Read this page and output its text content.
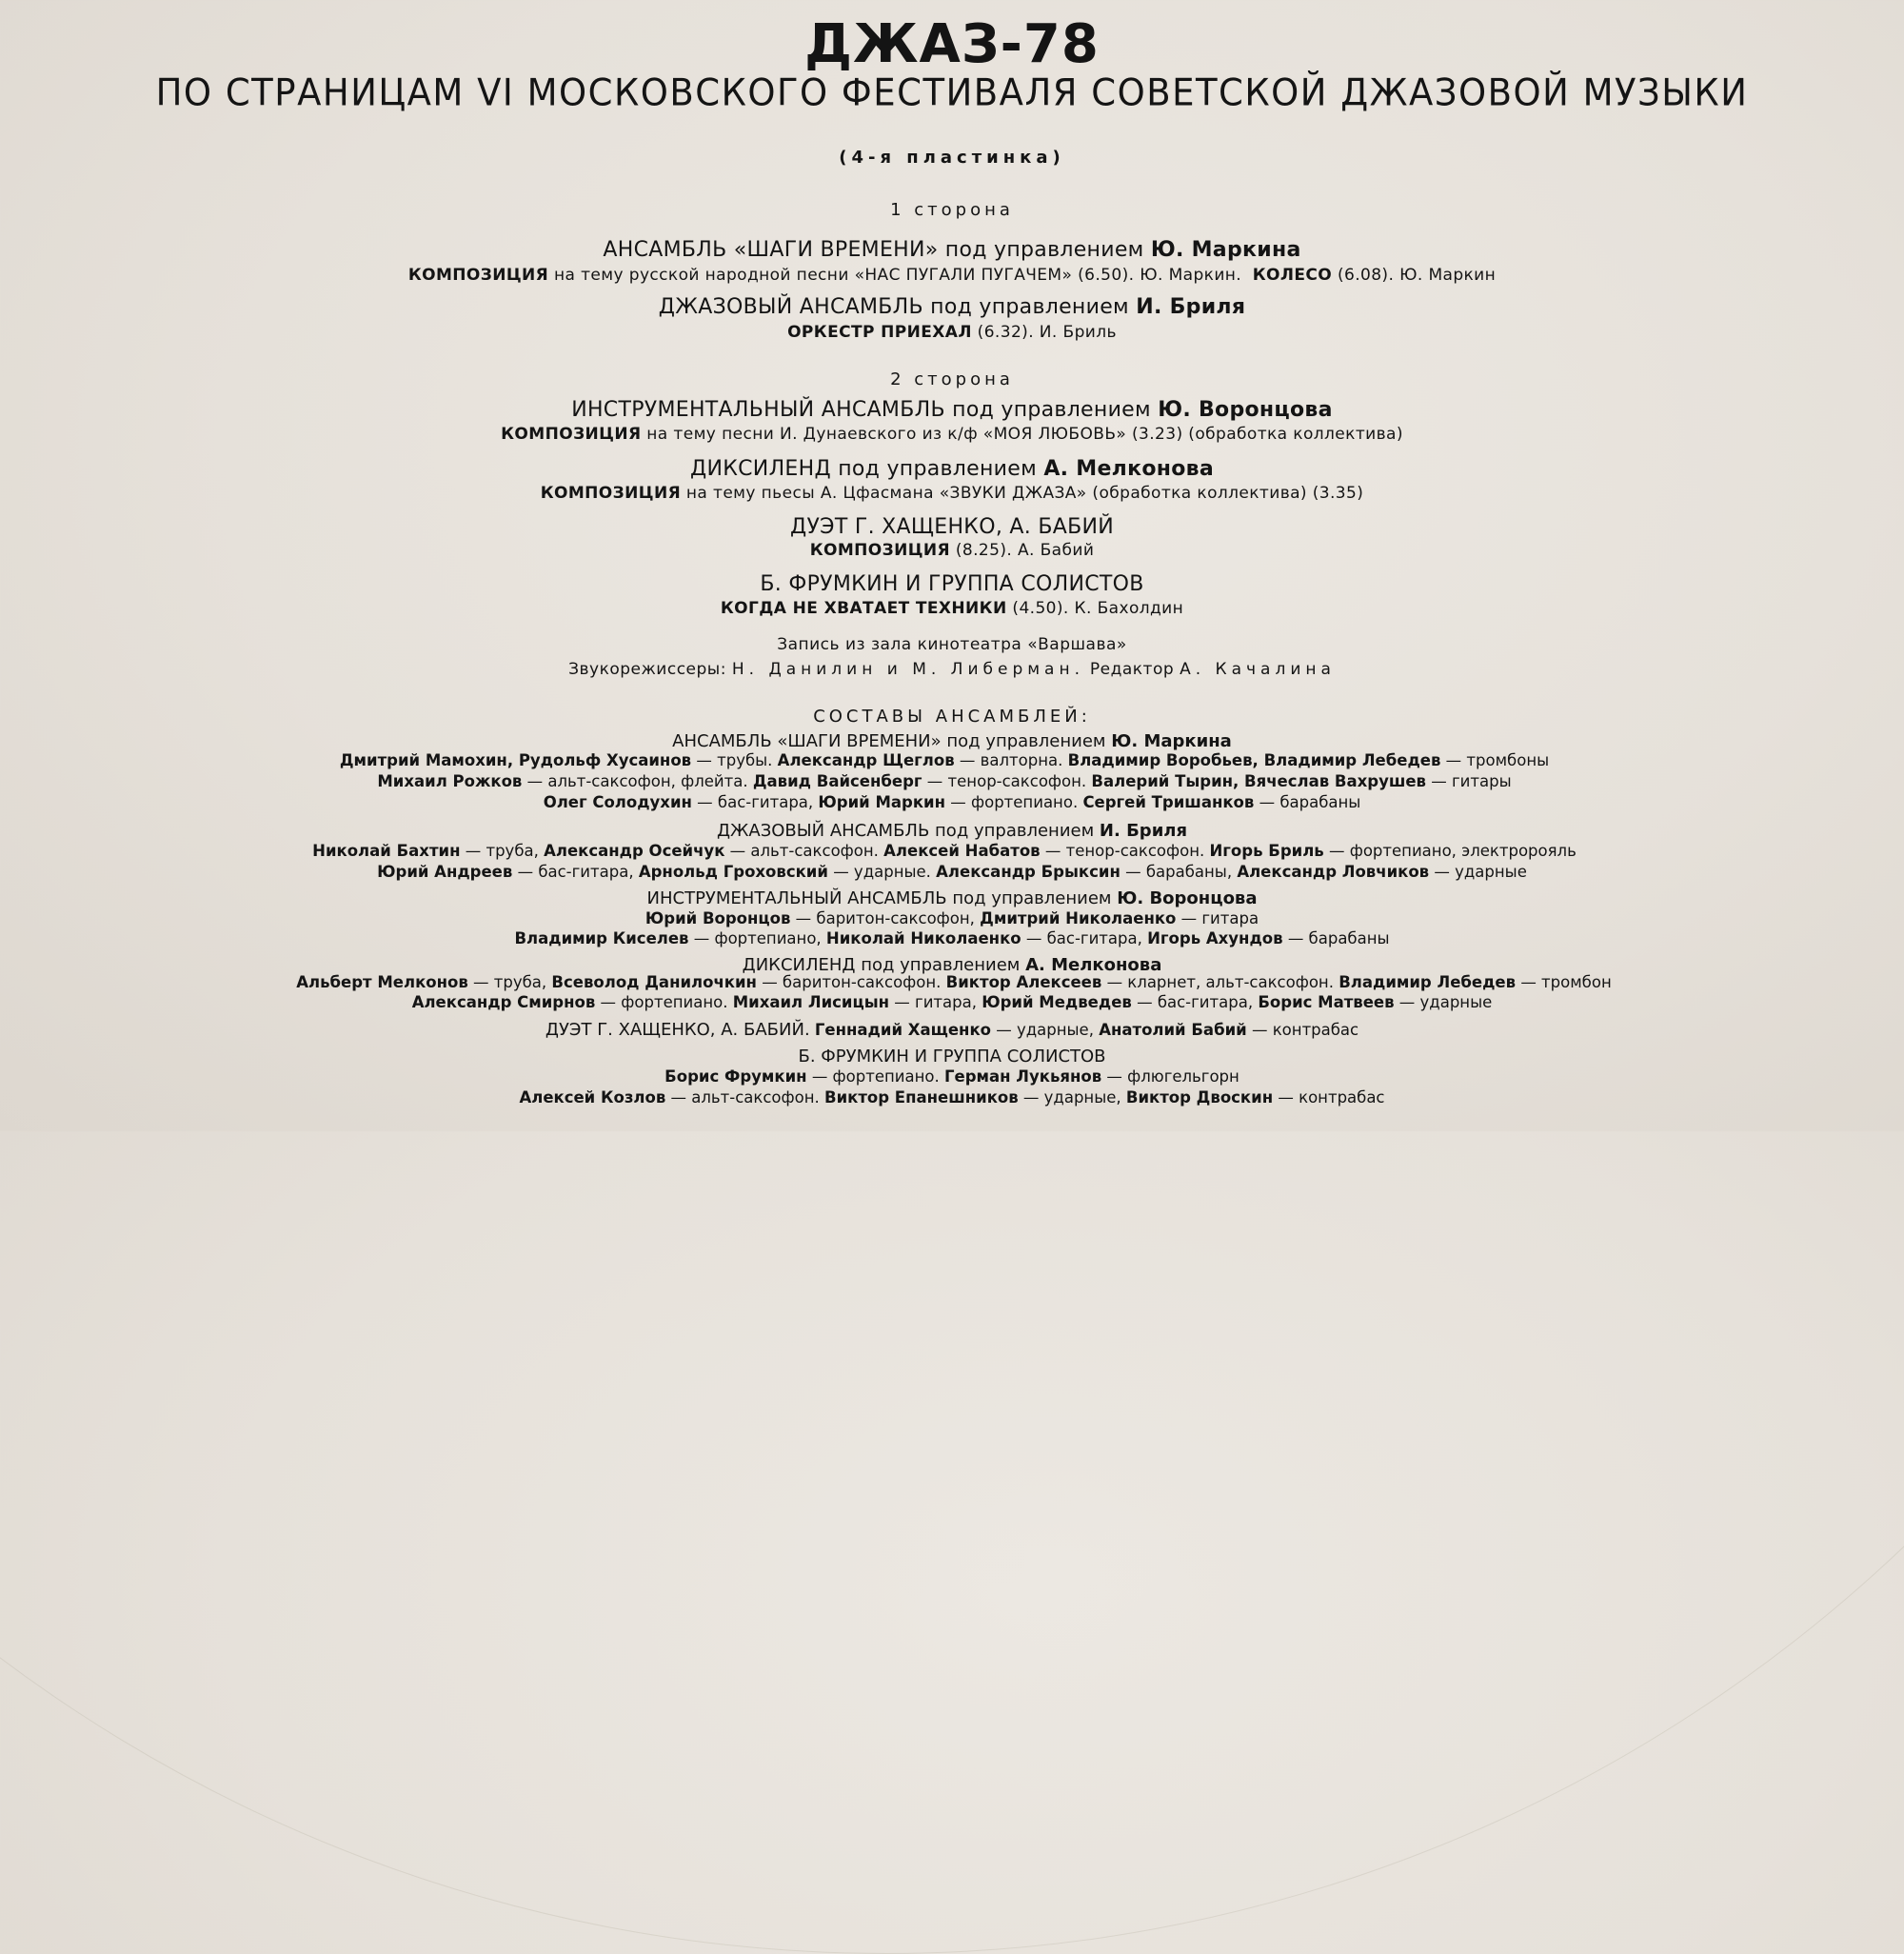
ДЖАЗ-78
ПО СТРАНИЦАМ VI МОСКОВСКОГО ФЕСТИВАЛЯ СОВЕТСКОЙ ДЖАЗОВОЙ МУЗЫКИ
(4-я пластинка)
1 сторона
АНСАМБЛЬ «ШАГИ ВРЕМЕНИ» под управлением Ю. Маркина
КОМПОЗИЦИЯ на тему русской народной песни «НАС ПУГАЛИ ПУГАЧЕМ» (6.50). Ю. Маркин. КОЛЕСО (6.08). Ю. Маркин
ДЖАЗОВЫЙ АНСАМБЛЬ под управлением И. Бриля
ОРКЕСТР ПРИЕХАЛ (6.32). И. Бриль
2 сторона
ИНСТРУМЕНТАЛЬНЫЙ АНСАМБЛЬ под управлением Ю. Воронцова
КОМПОЗИЦИЯ на тему песни И. Дунаевского из к/ф «МОЯ ЛЮБОВЬ» (3.23) (обработка коллектива)
ДИКСИЛЕНД под управлением А. Мелконова
КОМПОЗИЦИЯ на тему пьесы А. Цфасмана «ЗВУКИ ДЖАЗА» (обработка коллектива) (3.35)
ДУЭТ Г. ХАЩЕНКО, А. БАБИЙ
КОМПОЗИЦИЯ (8.25). А. Бабий
Б. ФРУМКИН И ГРУППА СОЛИСТОВ
КОГДА НЕ ХВАТАЕТ ТЕХНИКИ (4.50). К. Бахолдин
Запись из зала кинотеатра «Варшава»
Звукорежиссеры: Н. Данилин и М. Либерман. Редактор А. Качалина
СОСТАВЫ АНСАМБЛЕЙ:
АНСАМБЛЬ «ШАГИ ВРЕМЕНИ» под управлением Ю. Маркина
Дмитрий Мамохин, Рудольф Хусаинов — трубы. Александр Щеглов — валторна. Владимир Воробьев, Владимир Лебедев — тромбоны
Михаил Рожков — альт-саксофон, флейта. Давид Вайсенберг — тенор-саксофон. Валерий Тырин, Вячеслав Вахрушев — гитары
Олег Солодухин — бас-гитара, Юрий Маркин — фортепиано. Сергей Тришанков — барабаны
ДЖАЗОВЫЙ АНСАМБЛЬ под управлением И. Бриля
Николай Бахтин — труба, Александр Осейчук — альт-саксофон. Алексей Набатов — тенор-саксофон. Игорь Бриль — фортепиано, электророяль
Юрий Андреев — бас-гитара, Арнольд Гроховский — ударные. Александр Брыксин — барабаны, Александр Ловчиков — ударные
ИНСТРУМЕНТАЛЬНЫЙ АНСАМБЛЬ под управлением Ю. Воронцова
Юрий Воронцов — баритон-саксофон, Дмитрий Николаенко — гитара
Владимир Киселев — фортепиано, Николай Николаенко — бас-гитара, Игорь Ахундов — барабаны
ДИКСИЛЕНД под управлением А. Мелконова
Альберт Мелконов — труба, Всеволод Данилочкин — баритон-саксофон. Виктор Алексеев — кларнет, альт-саксофон. Владимир Лебедев — тромбон
Александр Смирнов — фортепиано. Михаил Лисицын — гитара, Юрий Медведев — бас-гитара, Борис Матвеев — ударные
ДУЭТ Г. ХАЩЕНКО, А. БАБИЙ. Геннадий Хащенко — ударные, Анатолий Бабий — контрабас
Б. ФРУМКИН И ГРУППА СОЛИСТОВ
Борис Фрумкин — фортепиано. Герман Лукьянов — флюгельгорн
Алексей Козлов — альт-саксофон. Виктор Епанешников — ударные, Виктор Двоскин — контрабас
